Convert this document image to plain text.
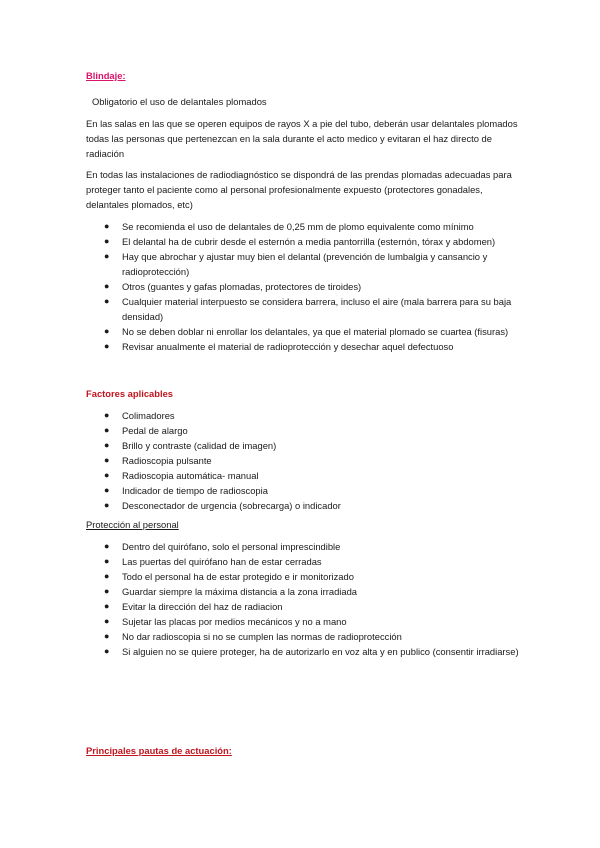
Blindaje:

Obligatorio el uso de delantales plomados

En las salas en las que se operen equipos de rayos X a pie del tubo, deberán usar delantales plomados todas las personas que pertenezcan en la sala durante el acto medico y evitaran el haz directo de radiación

En todas las instalaciones de radiodiagnóstico se dispondrá de las prendas plomadas adecuadas para proteger tanto el paciente como al personal profesionalmente expuesto (protectores gonadales, delantales plomados, etc)

● Se recomienda el uso de delantales de 0,25 mm de plomo equivalente como mínimo
● El delantal ha de cubrir desde el esternón a media pantorrilla (esternón, tórax y abdomen)
● Hay que abrochar y ajustar muy bien el delantal (prevención de lumbalgia y cansancio y radioprotección)
● Otros (guantes y gafas plomadas, protectores de tiroides)
● Cualquier material interpuesto se considera barrera, incluso el aire (mala barrera para su baja densidad)
● No se deben doblar ni enrollar los delantales, ya que el material plomado se cuartea (fisuras)
● Revisar anualmente el material de radioprotección y desechar aquel defectuoso

Factores aplicables

● Colimadores
● Pedal de alargo
● Brillo y contraste (calidad de imagen)
● Radioscopia pulsante
● Radioscopia automática- manual
● Indicador de tiempo de radioscopia
● Desconectador de urgencia (sobrecarga) o indicador

Protección al personal

● Dentro del quirófano, solo el personal imprescindible
● Las puertas del quirófano han de estar cerradas
● Todo el personal ha de estar protegido e ir monitorizado
● Guardar siempre la máxima distancia a la zona irradiada
● Evitar la dirección del haz de radiacion
● Sujetar las placas por medios mecánicos y no a mano
● No dar radioscopia si no se cumplen las normas de radioprotección
● Si alguien no se quiere proteger, ha de autorizarlo en voz alta y en publico (consentir irradiarse)

Principales pautas de actuación:
